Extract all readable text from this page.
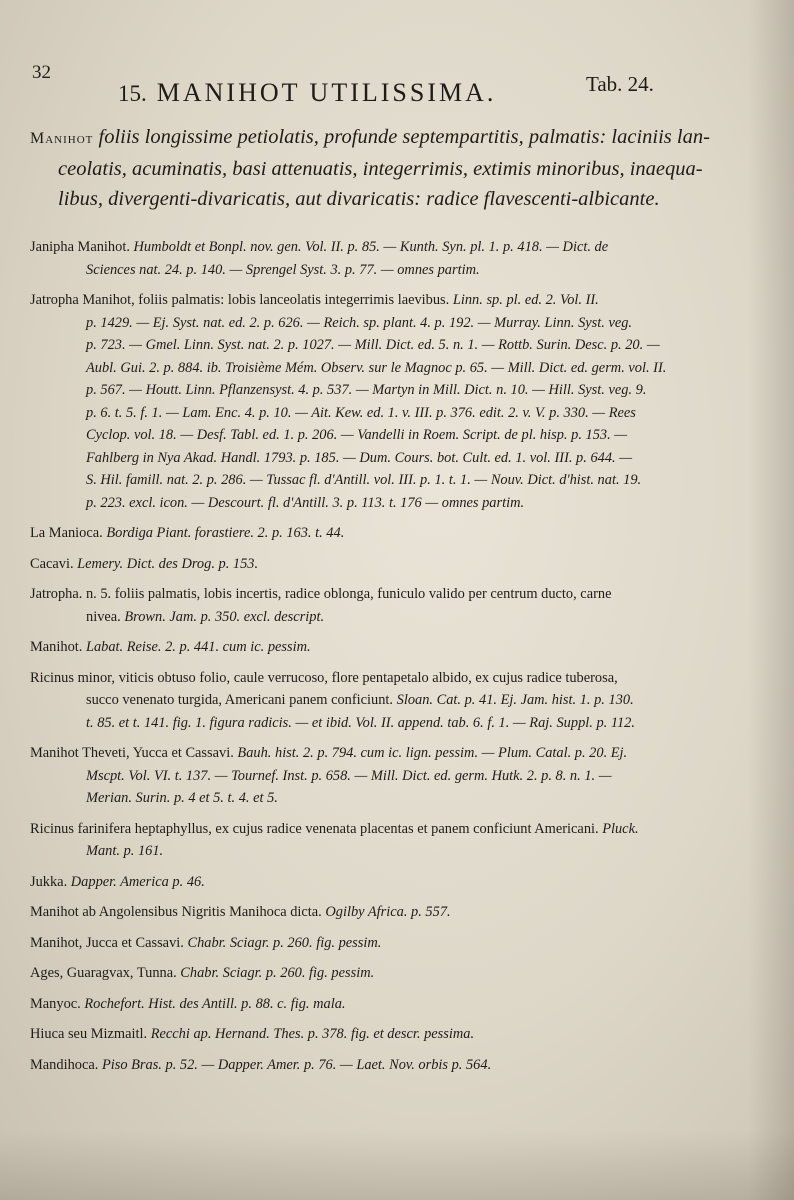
32
15. MANIHOT UTILISSIMA.	Tab. 24.
Manihot foliis longissime petiolatis, profunde septempartitis, palmatis: laciniis lan-
ceolatis, acuminatis, basi attenuatis, integerrimis, extimis minoribus, inaequa-
libus, divergenti-divaricatis, aut divaricatis: radice flavescenti-albicante.
Janipha Manihot. Humboldt et Bonpl. nov. gen. Vol. II. p. 85. — Kunth. Syn. pl. 1. p. 418. — Dict. de
Sciences nat. 24. p. 140. — Sprengel Syst. 3. p. 77. — omnes partim.
Jatropha Manihot, foliis palmatis: lobis lanceolatis integerrimis laevibus. Linn. sp. pl. ed. 2. Vol. II.
p. 1429. — Ej. Syst. nat. ed. 2. p. 626. — Reich. sp. plant. 4. p. 192. — Murray. Linn. Syst. veg.
p. 723. — Gmel. Linn. Syst. nat. 2. p. 1027. — Mill. Dict. ed. 5. n. 1. — Rottb. Surin. Desc. p. 20. —
Aubl. Gui. 2. p. 884. ib. Troisième Mém. Observ. sur le Magnoc p. 65. — Mill. Dict. ed. germ. vol. II.
p. 567. — Houtt. Linn. Pflanzensyst. 4. p. 537. — Martyn in Mill. Dict. n. 10. — Hill. Syst. veg. 9.
p. 6. t. 5. f. 1. — Lam. Enc. 4. p. 10. — Ait. Kew. ed. 1. v. III. p. 376. edit. 2. v. V. p. 330. — Rees
Cyclop. vol. 18. — Desf. Tabl. ed. 1. p. 206. — Vandelli in Roem. Script. de pl. hisp. p. 153. —
Fahlberg in Nya Akad. Handl. 1793. p. 185. — Dum. Cours. bot. Cult. ed. 1. vol. III. p. 644. —
S. Hil. famill. nat. 2. p. 286. — Tussac fl. d'Antill. vol. III. p. 1. t. 1. — Nouv. Dict. d'hist. nat. 19.
p. 223. excl. icon. — Descourt. fl. d'Antill. 3. p. 113. t. 176 — omnes partim.
La Manioca. Bordiga Piant. forastiere. 2. p. 163. t. 44.
Cacavi. Lemery. Dict. des Drog. p. 153.
Jatropha. n. 5. foliis palmatis, lobis incertis, radice oblonga, funiculo valido per centrum ducto, carne
nivea. Brown. Jam. p. 350. excl. descript.
Manihot. Labat. Reise. 2. p. 441. cum ic. pessim.
Ricinus minor, viticis obtuso folio, caule verrucoso, flore pentapetalo albido, ex cujus radice tuberosa,
succo venenato turgida, Americani panem conficiunt. Sloan. Cat. p. 41. Ej. Jam. hist. 1. p. 130.
t. 85. et t. 141. fig. 1. figura radicis. — et ibid. Vol. II. append. tab. 6. f. 1. — Raj. Suppl. p. 112.
Manihot Theveti, Yucca et Cassavi. Bauh. hist. 2. p. 794. cum ic. lign. pessim. — Plum. Catal. p. 20. Ej.
Mscpt. Vol. VI. t. 137. — Tournef. Inst. p. 658. — Mill. Dict. ed. germ. Hutk. 2. p. 8. n. 1. —
Merian. Surin. p. 4 et 5. t. 4. et 5.
Ricinus farinifera heptaphyllus, ex cujus radice venenata placentas et panem conficiunt Americani. Pluck.
Mant. p. 161.
Jukka. Dapper. America p. 46.
Manihot ab Angolensibus Nigritis Manihoca dicta. Ogilby Africa. p. 557.
Manihot, Jucca et Cassavi. Chabr. Sciagr. p. 260. fig. pessim.
Ages, Guaragvax, Tunna. Chabr. Sciagr. p. 260. fig. pessim.
Manyoc. Rochefort. Hist. des Antill. p. 88. c. fig. mala.
Hiuca seu Mizmaitl. Recchi ap. Hernand. Thes. p. 378. fig. et descr. pessima.
Mandihoca. Piso Bras. p. 52. — Dapper. Amer. p. 76. — Laet. Nov. orbis p. 564.
